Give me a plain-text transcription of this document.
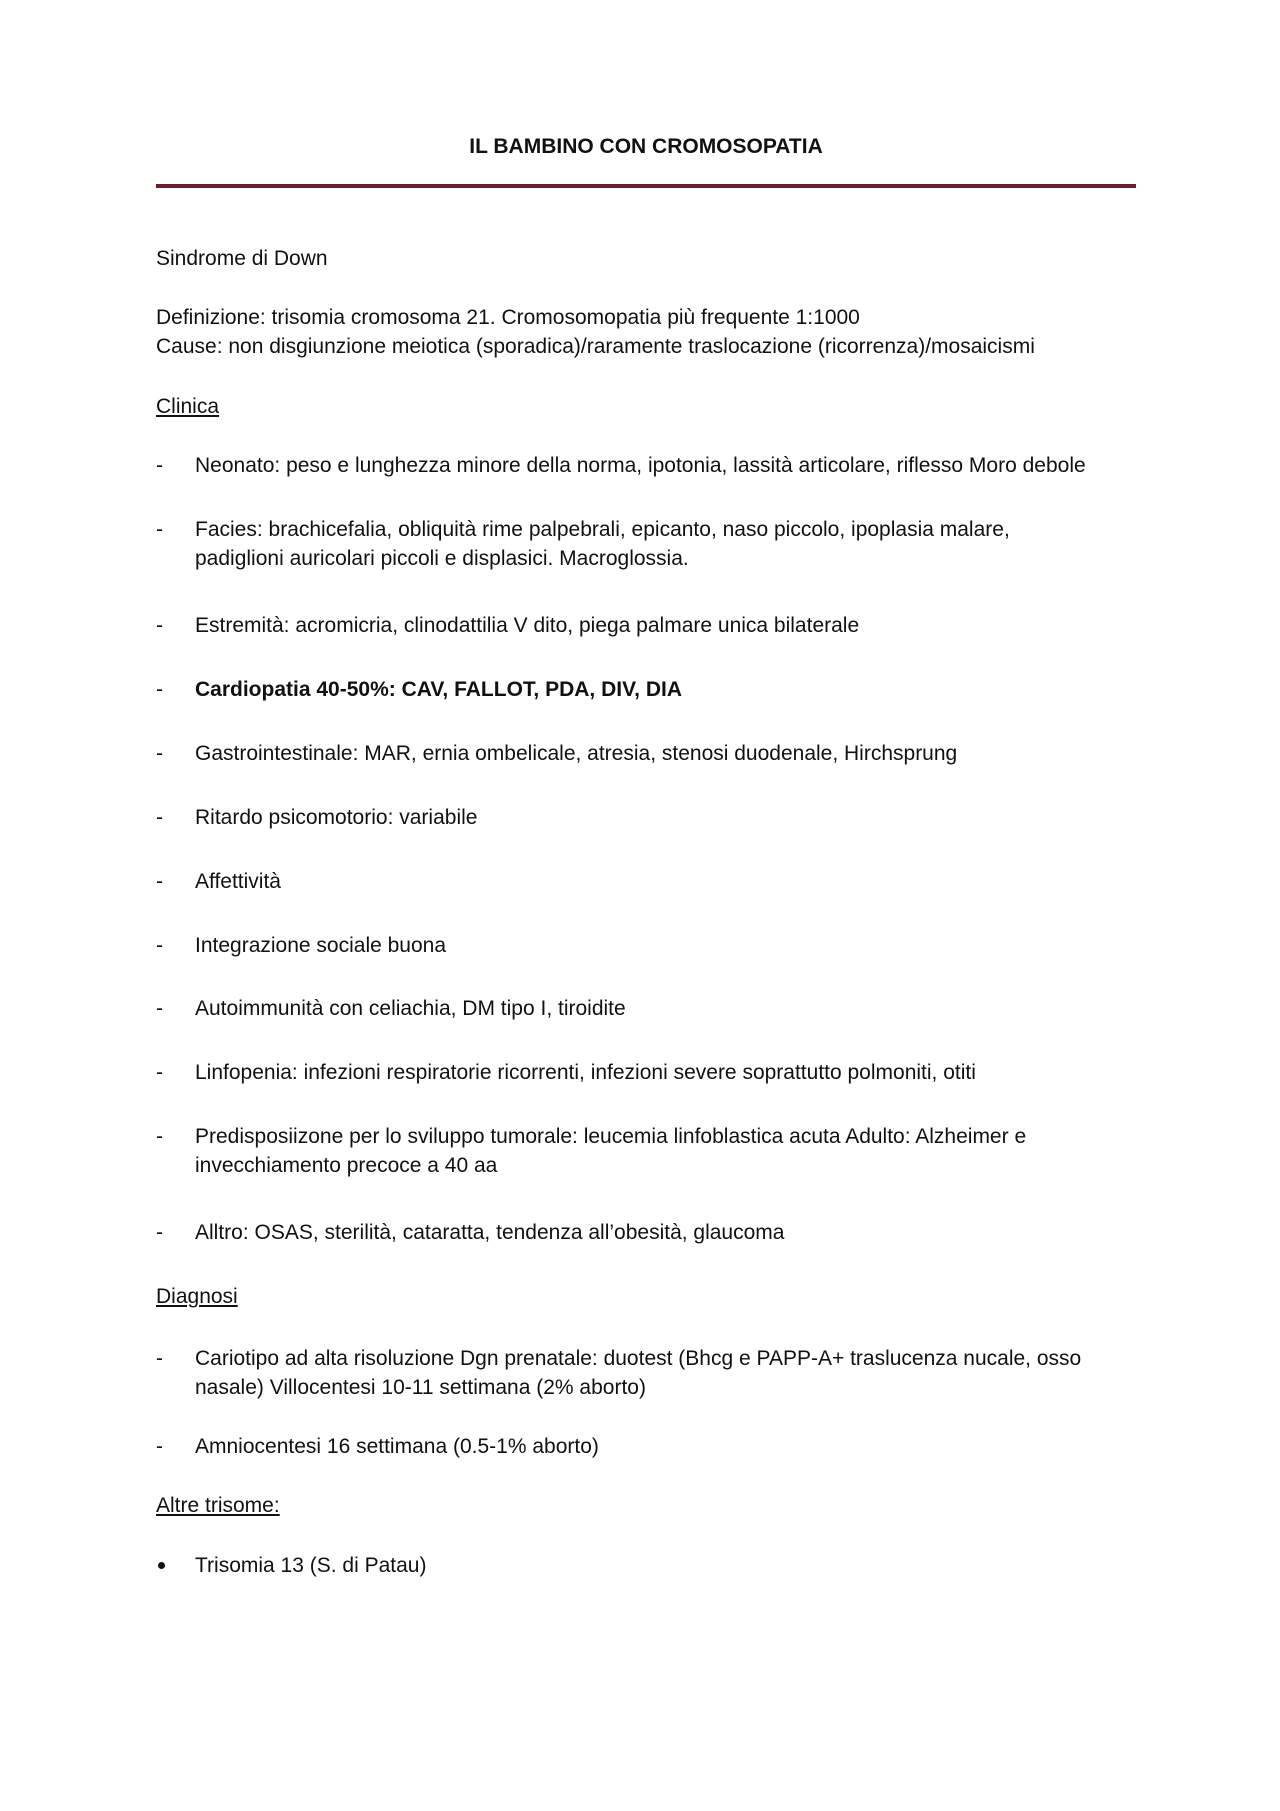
IL BAMBINO CON CROMOSOPATIA
Sindrome di Down
Definizione: trisomia cromosoma 21. Cromosomopatia più frequente 1:1000
Cause: non disgiunzione meiotica (sporadica)/raramente traslocazione (ricorrenza)/mosaicismi
Clinica
-	Neonato: peso e lunghezza minore della norma, ipotonia, lassità articolare, riflesso Moro debole
-	Facies: brachicefalia, obliquità rime palpebrali, epicanto, naso piccolo, ipoplasia malare, padiglioni auricolari piccoli e displasici. Macroglossia.
-	Estremità: acromicria, clinodattilia V dito, piega palmare unica bilaterale
-	Cardiopatia 40-50%: CAV, FALLOT, PDA, DIV, DIA
-	Gastrointestinale: MAR, ernia ombelicale, atresia, stenosi duodenale, Hirchsprung
-	Ritardo psicomotorio: variabile
-	Affettività
-	Integrazione sociale buona
-	Autoimmunità con celiachia, DM tipo I, tiroidite
-	Linfopenia: infezioni respiratorie ricorrenti, infezioni severe soprattutto polmoniti, otiti
-	Predisposiizone per lo sviluppo tumorale: leucemia linfoblastica acuta Adulto: Alzheimer e invecchiamento precoce a 40 aa
-	Alltro: OSAS, sterilità, cataratta, tendenza all’obesità, glaucoma
Diagnosi
-	Cariotipo ad alta risoluzione Dgn prenatale: duotest (Bhcg e PAPP-A+ traslucenza nucale, osso nasale) Villocentesi 10-11 settimana (2% aborto)
-	Amniocentesi 16 settimana (0.5-1% aborto)
Altre trisome:
Trisomia 13 (S. di Patau)
